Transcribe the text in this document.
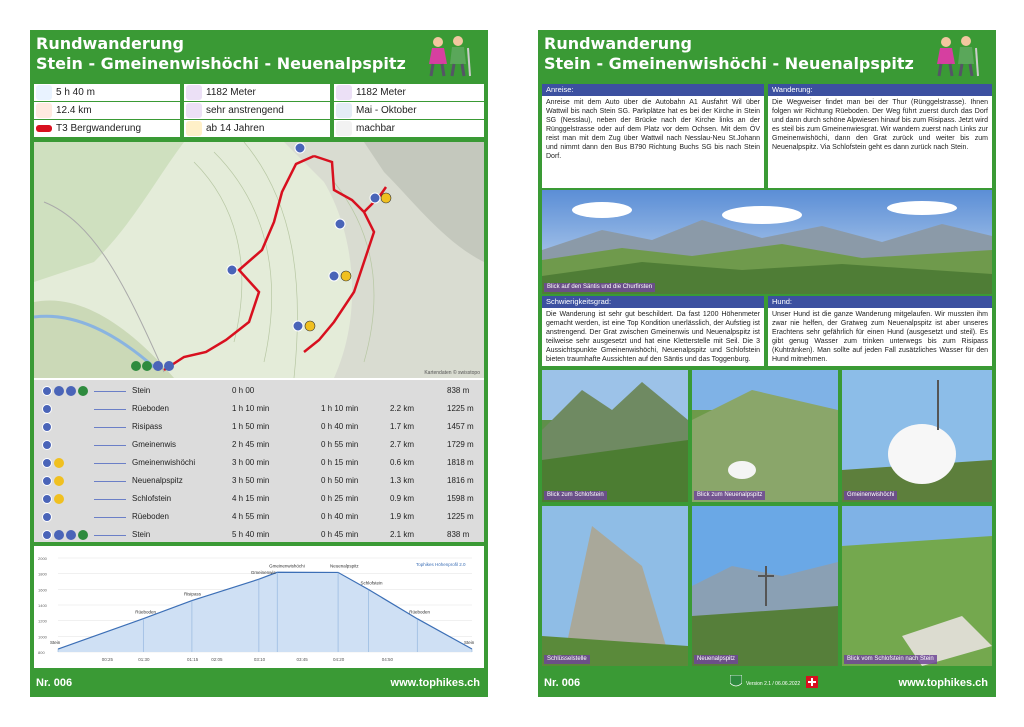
Rundwanderung
Stein - Gmeinenwishöchi - Neuenalpspitz
5 h 40 m
12.4 km
T3 Bergwanderung
1182 Meter
sehr anstrengend
ab 14 Jahren
1182 Meter
Mai - Oktober
machbar
Kartendaten © swisstopo
Stein	0 h 00	838 m
Rüeboden	1 h 10 min	1 h 10 min	2.2 km	1225 m
Risipass	1 h 50 min	0 h 40 min	1.7 km	1457 m
Gmeinenwis	2 h 45 min	0 h 55 min	2.7 km	1729 m
Gmeinenwishöchi	3 h 00 min	0 h 15 min	0.6 km	1818 m
Neuenalpspitz	3 h 50 min	0 h 50 min	1.3 km	1816 m
Schlofstein	4 h 15 min	0 h 25 min	0.9 km	1598 m
Rüeboden	4 h 55 min	0 h 40 min	1.9 km	1225 m
Stein	5 h 40 min	0 h 45 min	2.1 km	838 m
800
1000
1200
1400
1600
1800
2000
Stein
Rüeboden
Risipass
Gmeinenwis
Gmeinenwishöchi	Neuenalpspitz
Schlofstein
Rüeboden
Stein
00:25	01:30	01:15	02:05	03:10	03:45	04:20	04:50
Tophikes Höhenprofil 2.0
Nr. 006	www.tophikes.ch
Rundwanderung
Stein - Gmeinenwishöchi - Neuenalpspitz
Anreise:
Anreise mit dem Auto über die Autobahn A1 Ausfahrt Wil über Wattwil bis nach Stein SG. Parkplätze hat es bei der Kirche in Stein SG (Nesslau), neben der Brücke nach der Kirche links an der Rünggelstrasse oder auf dem Platz vor dem Ochsen. Mit dem ÖV reist man mit dem Zug über Wattwil nach Nesslau-Neu St.Johann und nimmt dann den Bus B790 Richtung Buchs SG bis nach Stein Dorf.
Wanderung:
Die Wegweiser findet man bei der Thur (Rünggelstrasse). Ihnen folgen wir Richtung Rüeboden. Der Weg führt zuerst durch das Dorf und dann durch schöne Alpwiesen hinauf bis zum Risipass. Jetzt wird es steil bis zum Gmeinenwiesgrat. Wir wandern zuerst nach Links zur Gmeinenwishöchi, dann den Grat zurück und weiter bis zum Neuenalpspitz. Via Schlofstein geht es dann zurück nach Stein.
Blick auf den Säntis und die Churfirsten
Schwierigkeitsgrad:
Die Wanderung ist sehr gut beschildert. Da fast 1200 Höhenmeter gemacht werden, ist eine Top Kondition unerlässlich, der Aufstieg ist anstrengend. Der Grat zwischen Gmeinenwis und Neuenalpspitz ist teilweise sehr ausgesetzt und hat eine Kletterstelle mit Seil. Die 3 Aussichtspunkte Gmeinenwishöchi, Neuenalpspitz und Schlofstein bieten traumhafte Aussichten auf den Säntis und das Toggenburg.
Hund:
Unser Hund ist die ganze Wanderung mitgelaufen. Wir mussten ihm zwar nie helfen, der Gratweg zum Neuenalpspitz ist aber unseres Erachtens sehr gefährlich für einen Hund (ausgesetzt und steil). Es gibt genug Wasser zum trinken unterwegs bis zum Risipass (Kuhtränken). Man sollte auf jeden Fall zusätzliches Wasser für den Hund mitnehmen.
Blick zum Schlofstein	Blick zum Neuenalpspitz	Gmeinenwishöchi
Schlüsselstelle	Neuenalpspitz	Blick vom Schlofstein nach Stein
Nr. 006	Version 2.1 / 06.06.2022	www.tophikes.ch
